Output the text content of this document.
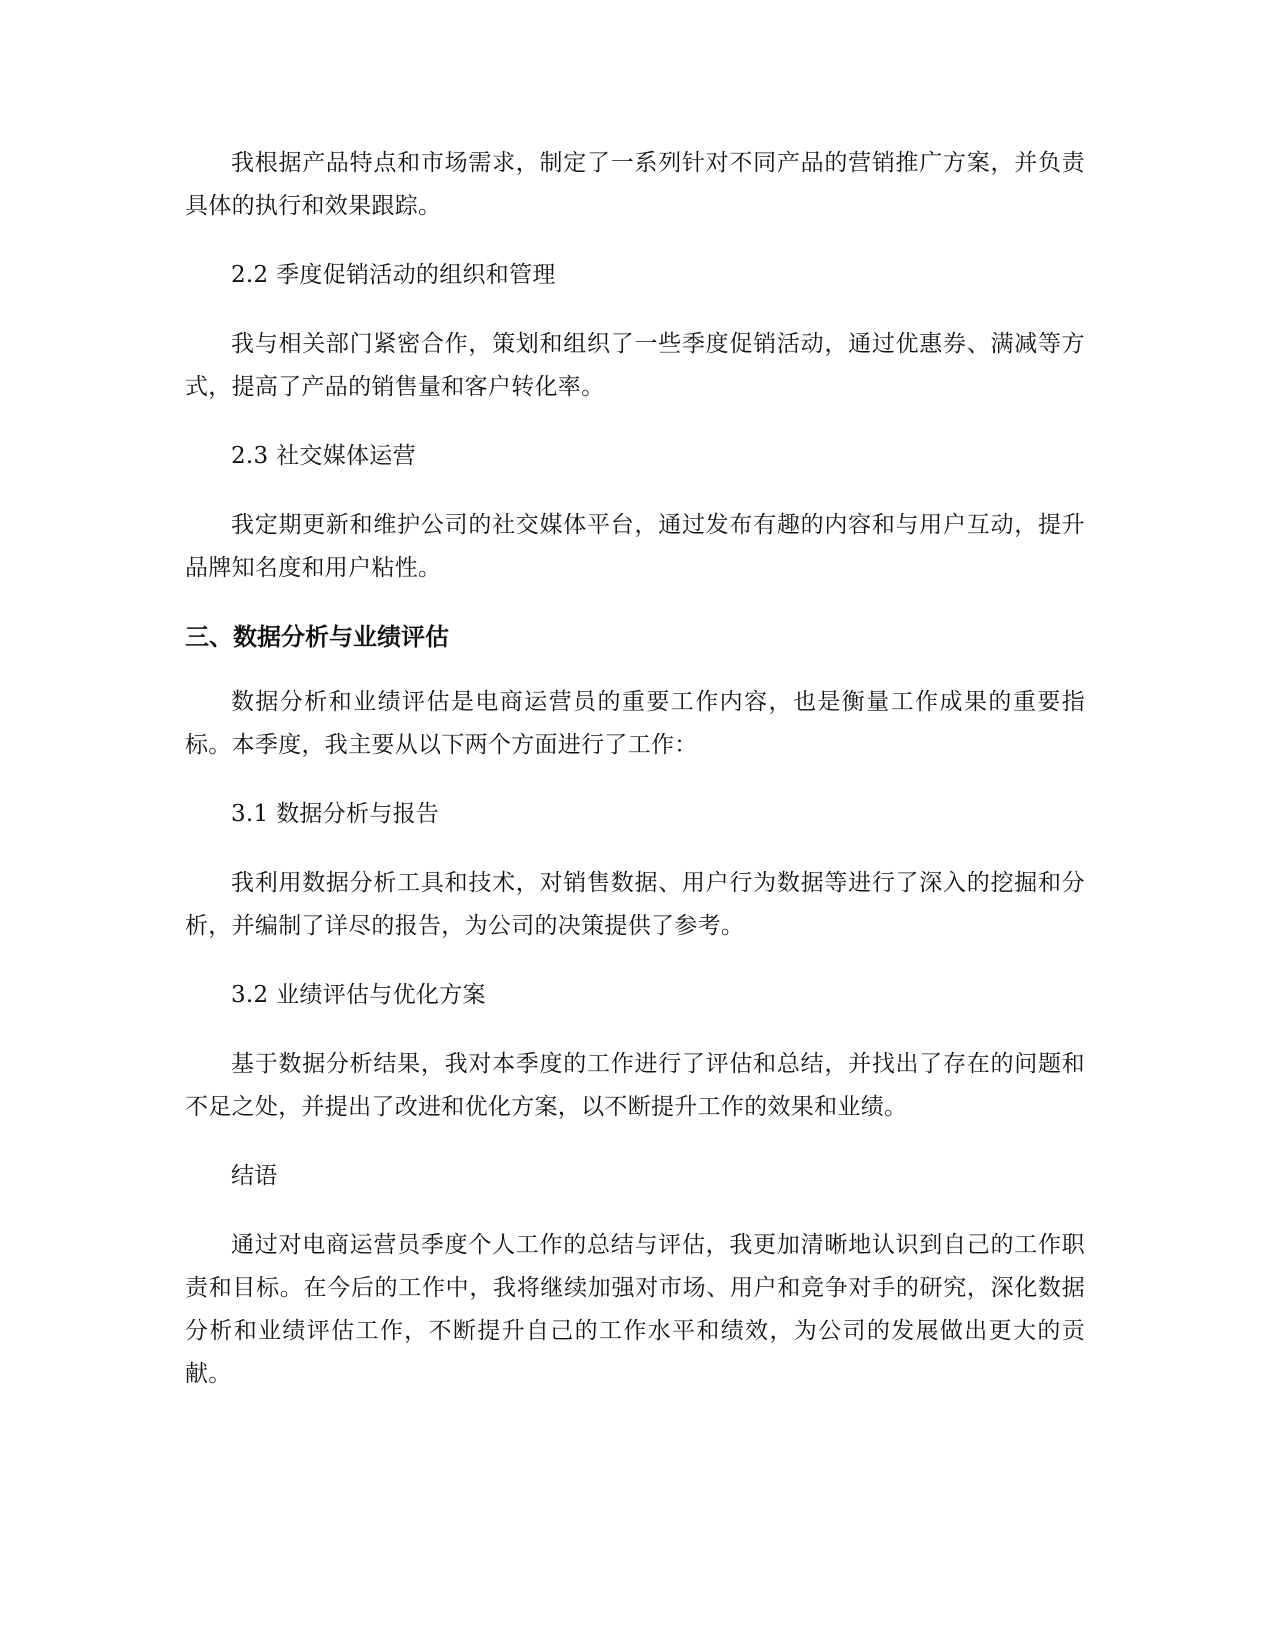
我根据产品特点和市场需求，制定了一系列针对不同产品的营销推广方案，并负责具体的执行和效果跟踪。

2.2 季度促销活动的组织和管理

我与相关部门紧密合作，策划和组织了一些季度促销活动，通过优惠券、满减等方式，提高了产品的销售量和客户转化率。

2.3 社交媒体运营

我定期更新和维护公司的社交媒体平台，通过发布有趣的内容和与用户互动，提升品牌知名度和用户粘性。

三、数据分析与业绩评估

数据分析和业绩评估是电商运营员的重要工作内容，也是衡量工作成果的重要指标。本季度，我主要从以下两个方面进行了工作：

3.1 数据分析与报告

我利用数据分析工具和技术，对销售数据、用户行为数据等进行了深入的挖掘和分析，并编制了详尽的报告，为公司的决策提供了参考。

3.2 业绩评估与优化方案

基于数据分析结果，我对本季度的工作进行了评估和总结，并找出了存在的问题和不足之处，并提出了改进和优化方案，以不断提升工作的效果和业绩。

结语

通过对电商运营员季度个人工作的总结与评估，我更加清晰地认识到自己的工作职责和目标。在今后的工作中，我将继续加强对市场、用户和竞争对手的研究，深化数据分析和业绩评估工作，不断提升自己的工作水平和绩效，为公司的发展做出更大的贡献。
